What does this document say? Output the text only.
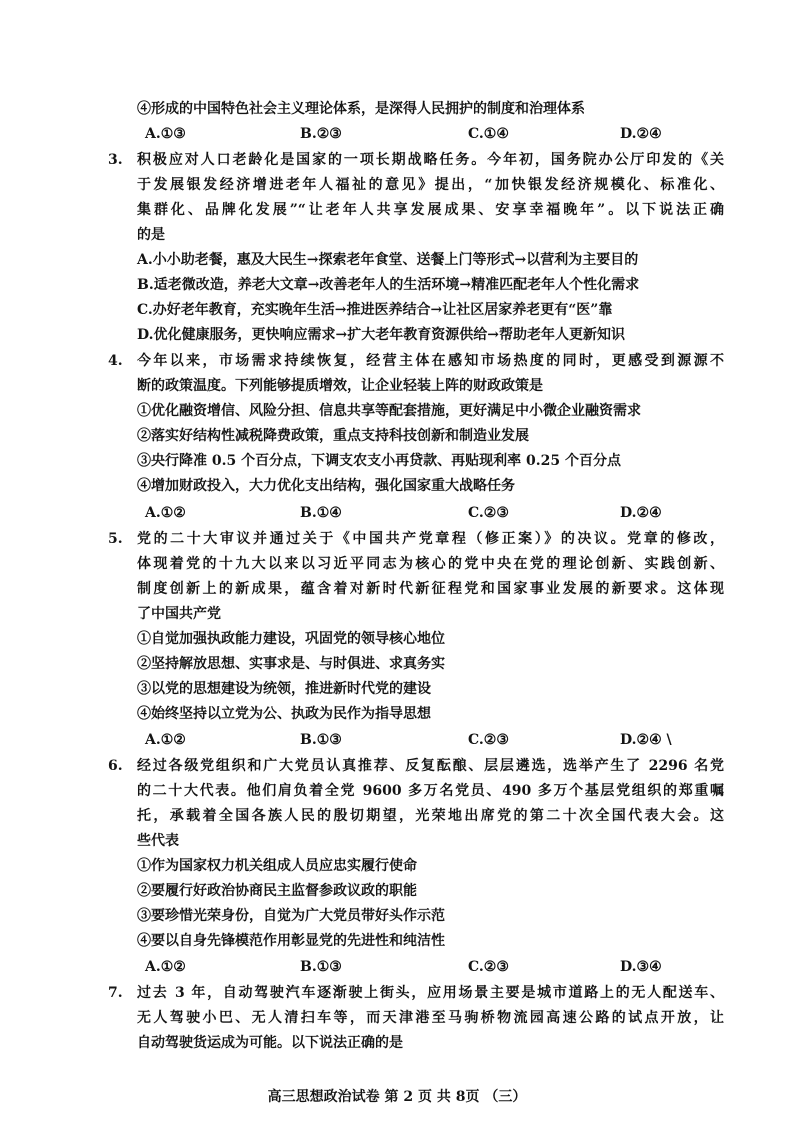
④形成的中国特色社会主义理论体系，是深得人民拥护的制度和治理体系
A.①③	B.②③	C.①④	D.②④
3. 积极应对人口老龄化是国家的一项长期战略任务。今年初，国务院办公厅印发的《关
于发展银发经济增进老年人福祉的意见》提出，“加快银发经济规模化、标准化、
集群化、品牌化发展”“让老年人共享发展成果、安享幸福晚年”。以下说法正确
的是
A.小小助老餐，惠及大民生→探索老年食堂、送餐上门等形式→以营利为主要目的
B.适老微改造，养老大文章→改善老年人的生活环境→精准匹配老年人个性化需求
C.办好老年教育，充实晚年生活→推进医养结合→让社区居家养老更有“医”靠
D.优化健康服务，更快响应需求→扩大老年教育资源供给→帮助老年人更新知识
4. 今年以来，市场需求持续恢复，经营主体在感知市场热度的同时，更感受到源源不
断的政策温度。下列能够提质增效，让企业轻装上阵的财政政策是
①优化融资增信、风险分担、信息共享等配套措施，更好满足中小微企业融资需求
②落实好结构性减税降费政策，重点支持科技创新和制造业发展
③央行降准 0.5 个百分点，下调支农支小再贷款、再贴现利率 0.25 个百分点
④增加财政投入，大力优化支出结构，强化国家重大战略任务
A.①②	B.①④	C.②③	D.②④
5. 党的二十大审议并通过关于《中国共产党章程（修正案）》的决议。党章的修改，
体现着党的十九大以来以习近平同志为核心的党中央在党的理论创新、实践创新、
制度创新上的新成果，蕴含着对新时代新征程党和国家事业发展的新要求。这体现
了中国共产党
①自觉加强执政能力建设，巩固党的领导核心地位
②坚持解放思想、实事求是、与时俱进、求真务实
③以党的思想建设为统领，推进新时代党的建设
④始终坚持以立党为公、执政为民作为指导思想
A.①②	B.①③	C.②③	D.②④ \
6. 经过各级党组织和广大党员认真推荐、反复酝酿、层层遴选，选举产生了 2296 名党
的二十大代表。他们肩负着全党 9600 多万名党员、490 多万个基层党组织的郑重嘱
托，承载着全国各族人民的殷切期望，光荣地出席党的第二十次全国代表大会。这
些代表
①作为国家权力机关组成人员应忠实履行使命
②要履行好政治协商民主监督参政议政的职能
③要珍惜光荣身份，自觉为广大党员带好头作示范
④要以自身先锋模范作用彰显党的先进性和纯洁性
A.①②	B.①③	C.②③	D.③④
7. 过去 3 年，自动驾驶汽车逐渐驶上街头，应用场景主要是城市道路上的无人配送车、
无人驾驶小巴、无人清扫车等，而天津港至马驹桥物流园高速公路的试点开放，让
自动驾驶货运成为可能。以下说法正确的是
高三思想政治试卷 第 2 页 共 8页 （三）
